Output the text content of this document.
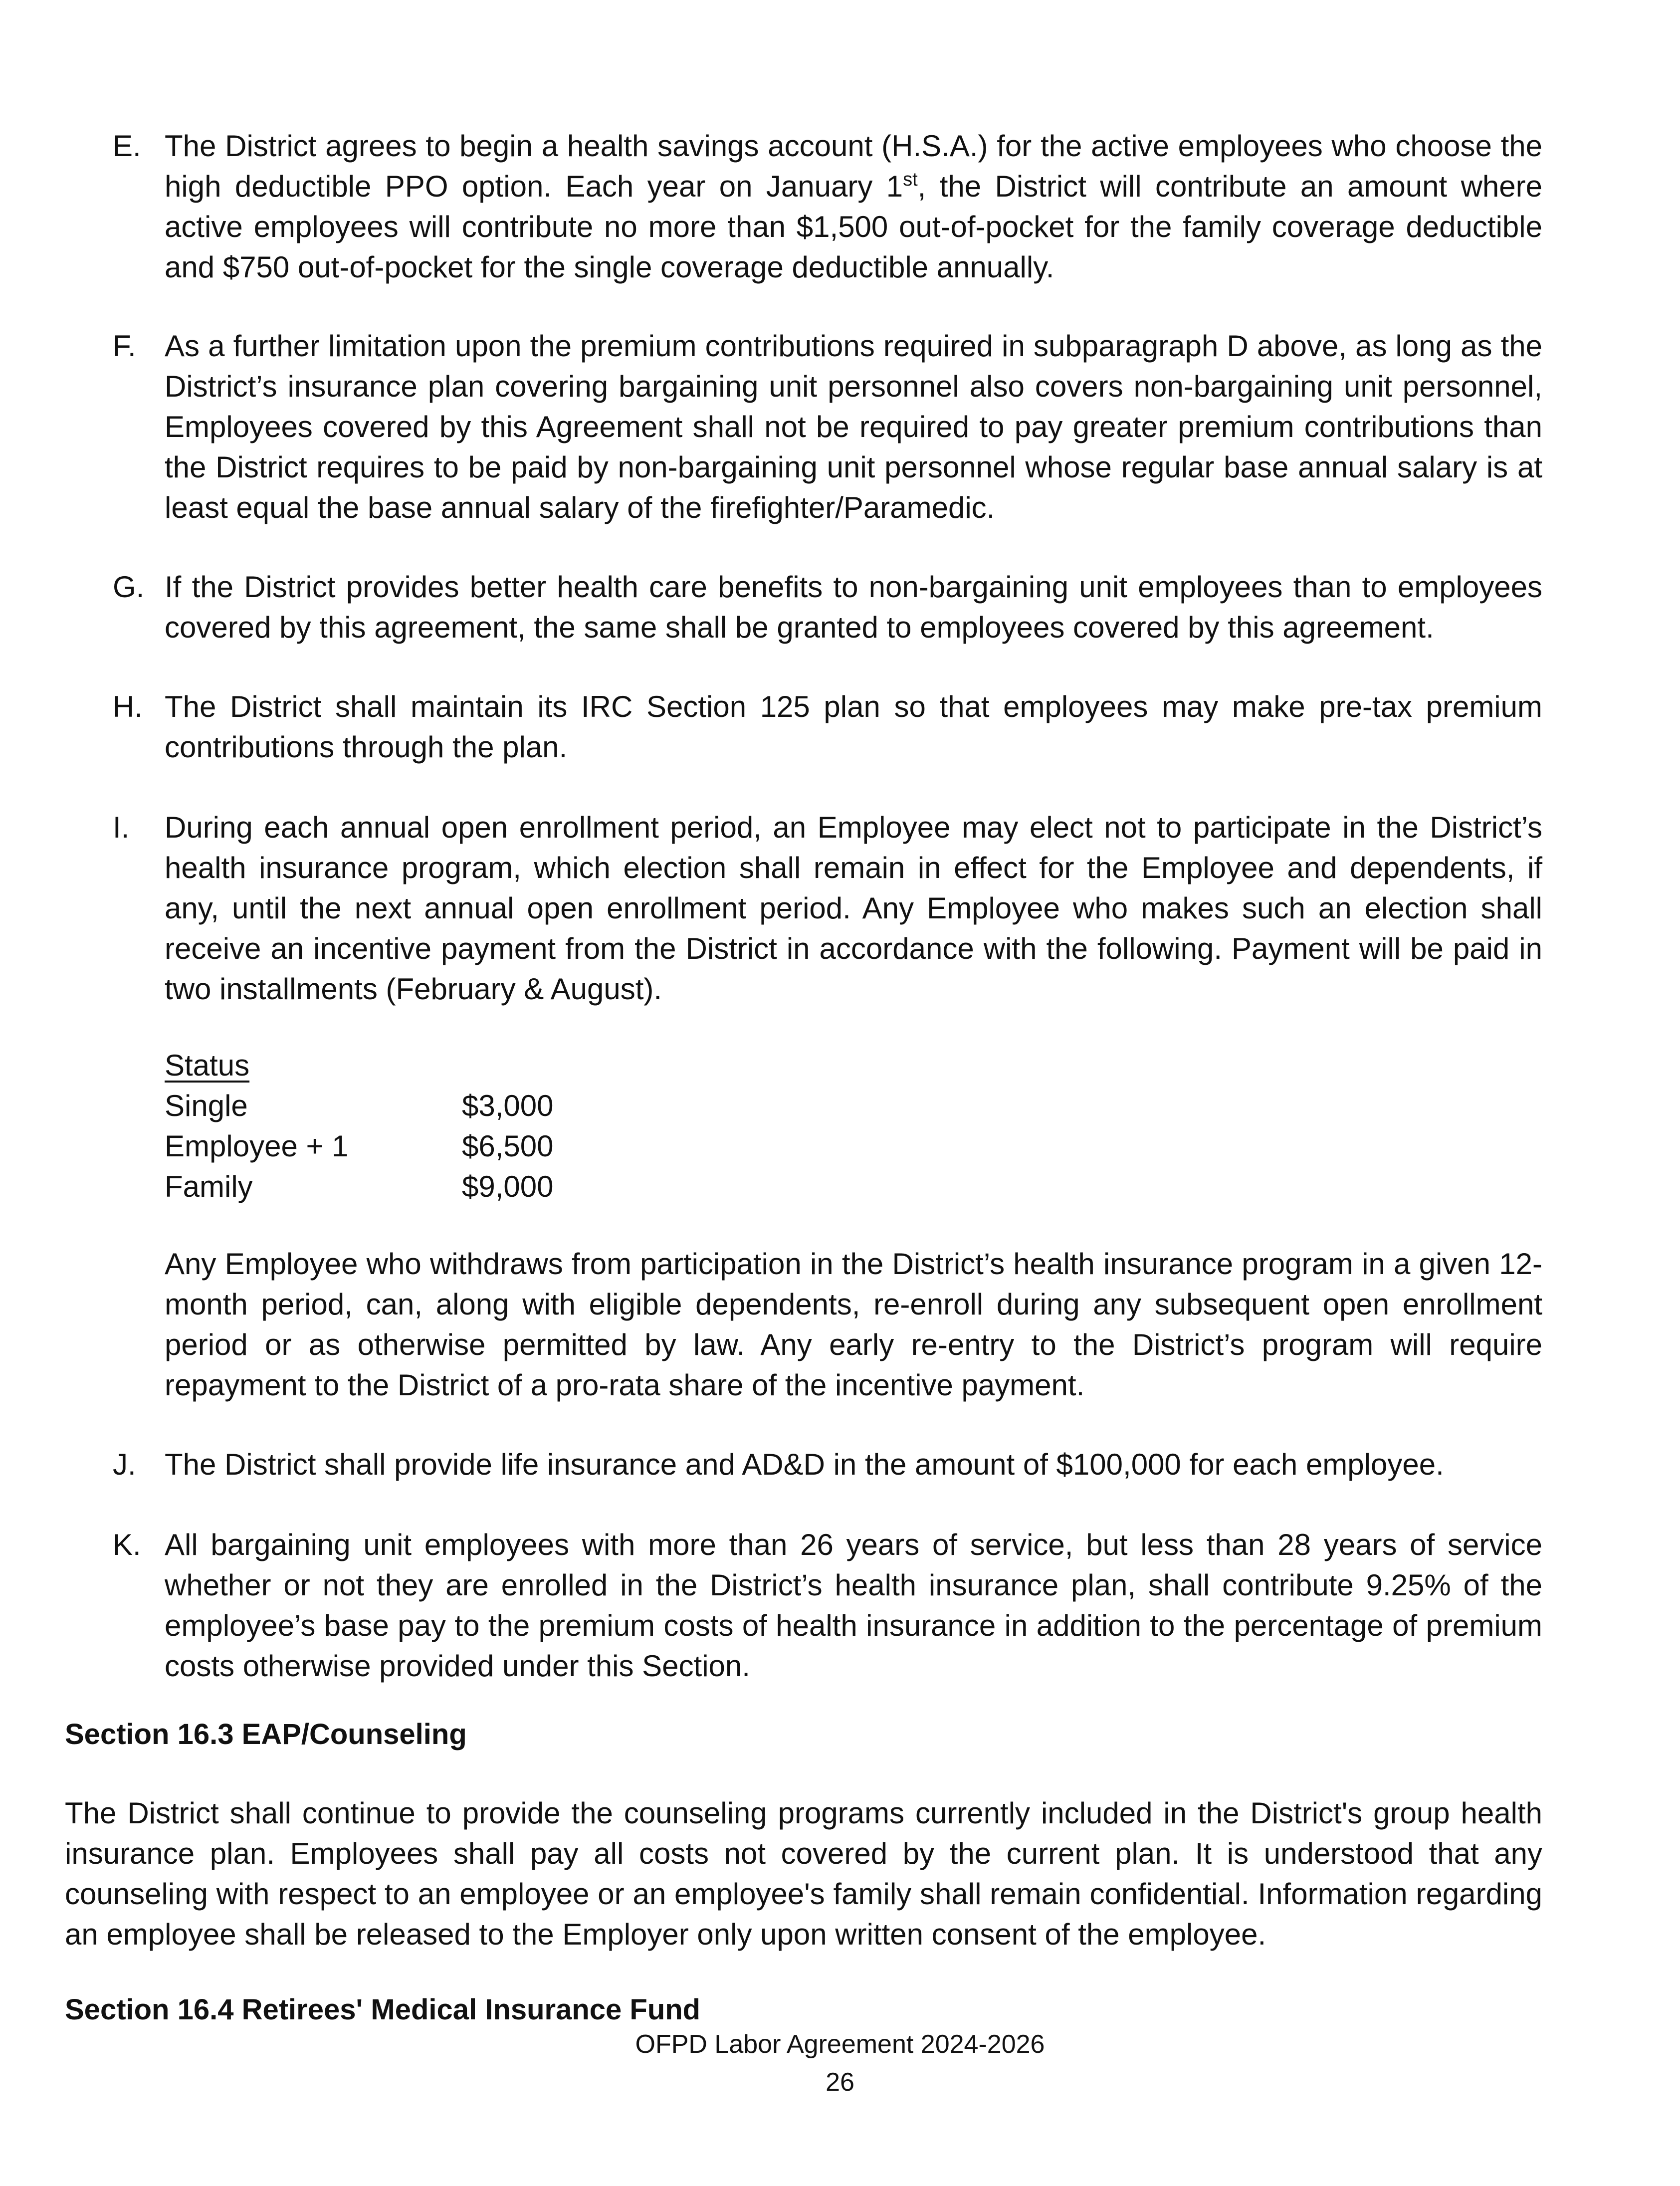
E. The District agrees to begin a health savings account (H.S.A.) for the active employees who choose the high deductible PPO option. Each year on January 1st, the District will contribute an amount where active employees will contribute no more than $1,500 out-of-pocket for the family coverage deductible and $750 out-of-pocket for the single coverage deductible annually.
F. As a further limitation upon the premium contributions required in subparagraph D above, as long as the District’s insurance plan covering bargaining unit personnel also covers non-bargaining unit personnel, Employees covered by this Agreement shall not be required to pay greater premium contributions than the District requires to be paid by non-bargaining unit personnel whose regular base annual salary is at least equal the base annual salary of the firefighter/Paramedic.
G. If the District provides better health care benefits to non-bargaining unit employees than to employees covered by this agreement, the same shall be granted to employees covered by this agreement.
H. The District shall maintain its IRC Section 125 plan so that employees may make pre-tax premium contributions through the plan.
I. During each annual open enrollment period, an Employee may elect not to participate in the District’s health insurance program, which election shall remain in effect for the Employee and dependents, if any, until the next annual open enrollment period. Any Employee who makes such an election shall receive an incentive payment from the District in accordance with the following. Payment will be paid in two installments (February & August).
Status
Single	$3,000
Employee + 1	$6,500
Family	$9,000
Any Employee who withdraws from participation in the District’s health insurance program in a given 12-month period, can, along with eligible dependents, re-enroll during any subsequent open enrollment period or as otherwise permitted by law. Any early re-entry to the District’s program will require repayment to the District of a pro-rata share of the incentive payment.
J. The District shall provide life insurance and AD&D in the amount of $100,000 for each employee.
K. All bargaining unit employees with more than 26 years of service, but less than 28 years of service whether or not they are enrolled in the District’s health insurance plan, shall contribute 9.25% of the employee’s base pay to the premium costs of health insurance in addition to the percentage of premium costs otherwise provided under this Section.
Section 16.3 EAP/Counseling
The District shall continue to provide the counseling programs currently included in the District's group health insurance plan. Employees shall pay all costs not covered by the current plan. It is understood that any counseling with respect to an employee or an employee's family shall remain confidential. Information regarding an employee shall be released to the Employer only upon written consent of the employee.
Section 16.4 Retirees' Medical Insurance Fund
OFPD Labor Agreement 2024-2026
26
